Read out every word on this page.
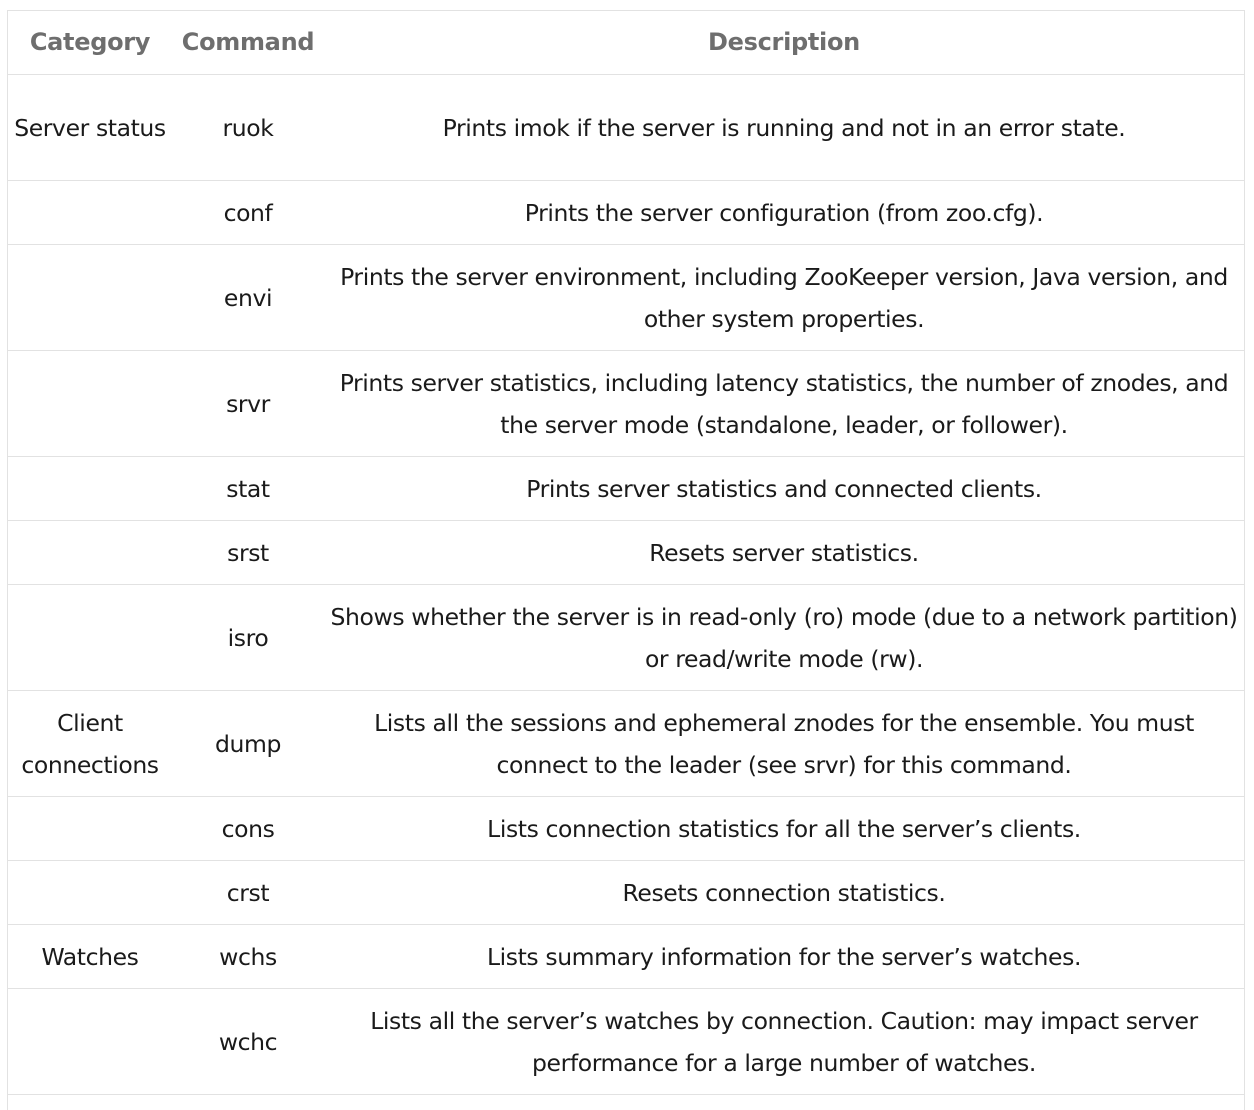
Category	Command	Description
Server status	ruok	Prints imok if the server is running and not in an error state.
	conf	Prints the server configuration (from zoo.cfg).
	envi	Prints the server environment, including ZooKeeper version, Java version, and other system properties.
	srvr	Prints server statistics, including latency statistics, the number of znodes, and the server mode (standalone, leader, or follower).
	stat	Prints server statistics and connected clients.
	srst	Resets server statistics.
	isro	Shows whether the server is in read-only (ro) mode (due to a network partition) or read/write mode (rw).
Client connections	dump	Lists all the sessions and ephemeral znodes for the ensemble. You must connect to the leader (see srvr) for this command.
	cons	Lists connection statistics for all the server’s clients.
	crst	Resets connection statistics.
Watches	wchs	Lists summary information for the server’s watches.
	wchc	Lists all the server’s watches by connection. Caution: may impact server performance for a large number of watches.
